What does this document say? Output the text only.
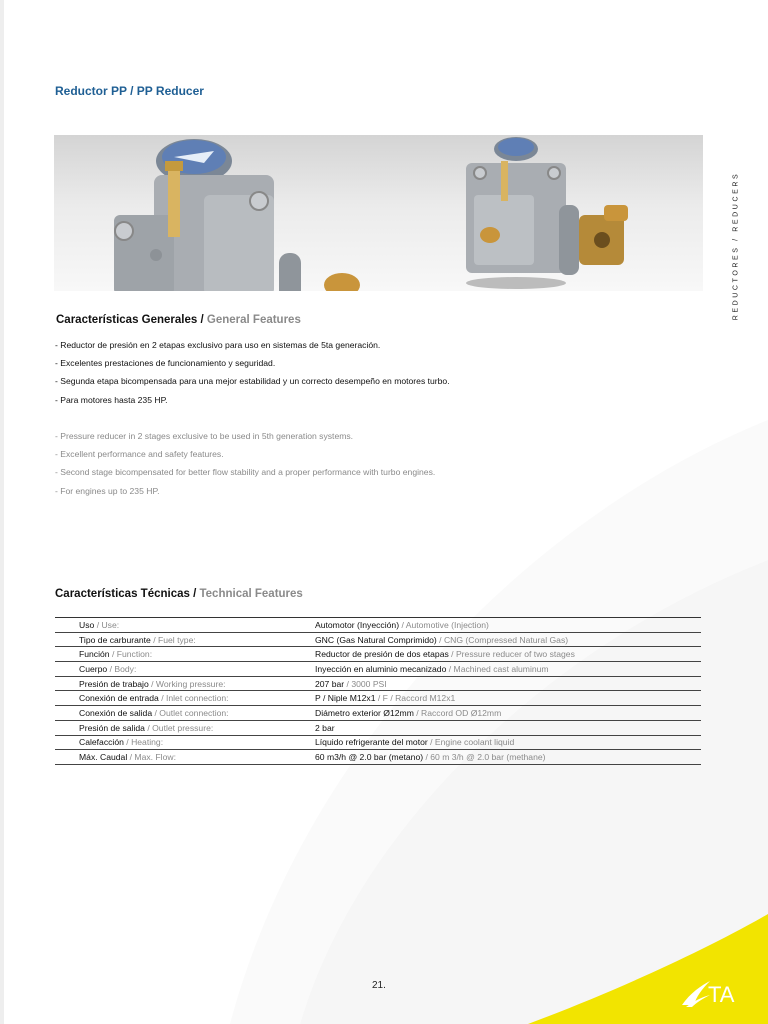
Reductor PP / PP Reducer
REDUCTORES / REDUCERS
Características Generales / General Features
- Reductor de presión en 2 etapas exclusivo para uso en sistemas de 5ta generación.
- Excelentes prestaciones de funcionamiento y seguridad.
- Segunda etapa bicompensada para una mejor estabilidad y un correcto desempeño en motores turbo.
- Para motores hasta 235 HP.
- Pressure reducer in 2 stages exclusive to be used in 5th generation systems.
- Excellent performance and safety features.
- Second stage bicompensated for better flow stability and a proper performance with turbo engines.
- For engines up to 235 HP.
Características Técnicas / Technical Features
Uso / Use:	Automotor (Inyección) / Automotive (Injection)
Tipo de carburante / Fuel type:	GNC (Gas Natural Comprimido) / CNG (Compressed Natural Gas)
Función / Function:	Reductor de presión de dos etapas / Pressure reducer of two stages
Cuerpo / Body:	Inyección en aluminio mecanizado / Machined cast aluminum
Presión de trabajo / Working pressure:	207 bar / 3000 PSI
Conexión de entrada / Inlet connection:	P / Niple M12x1 / F / Raccord M12x1
Conexión de salida / Outlet connection:	Diámetro exterior Ø12mm / Raccord OD Ø12mm
Presión de salida / Outlet pressure:	2 bar
Calefacción / Heating:	Líquido refrigerante del motor / Engine coolant liquid
Máx. Caudal / Max. Flow:	60 m3/h @ 2.0 bar (metano) / 60 m 3/h @ 2.0 bar (methane)
21.	TA
